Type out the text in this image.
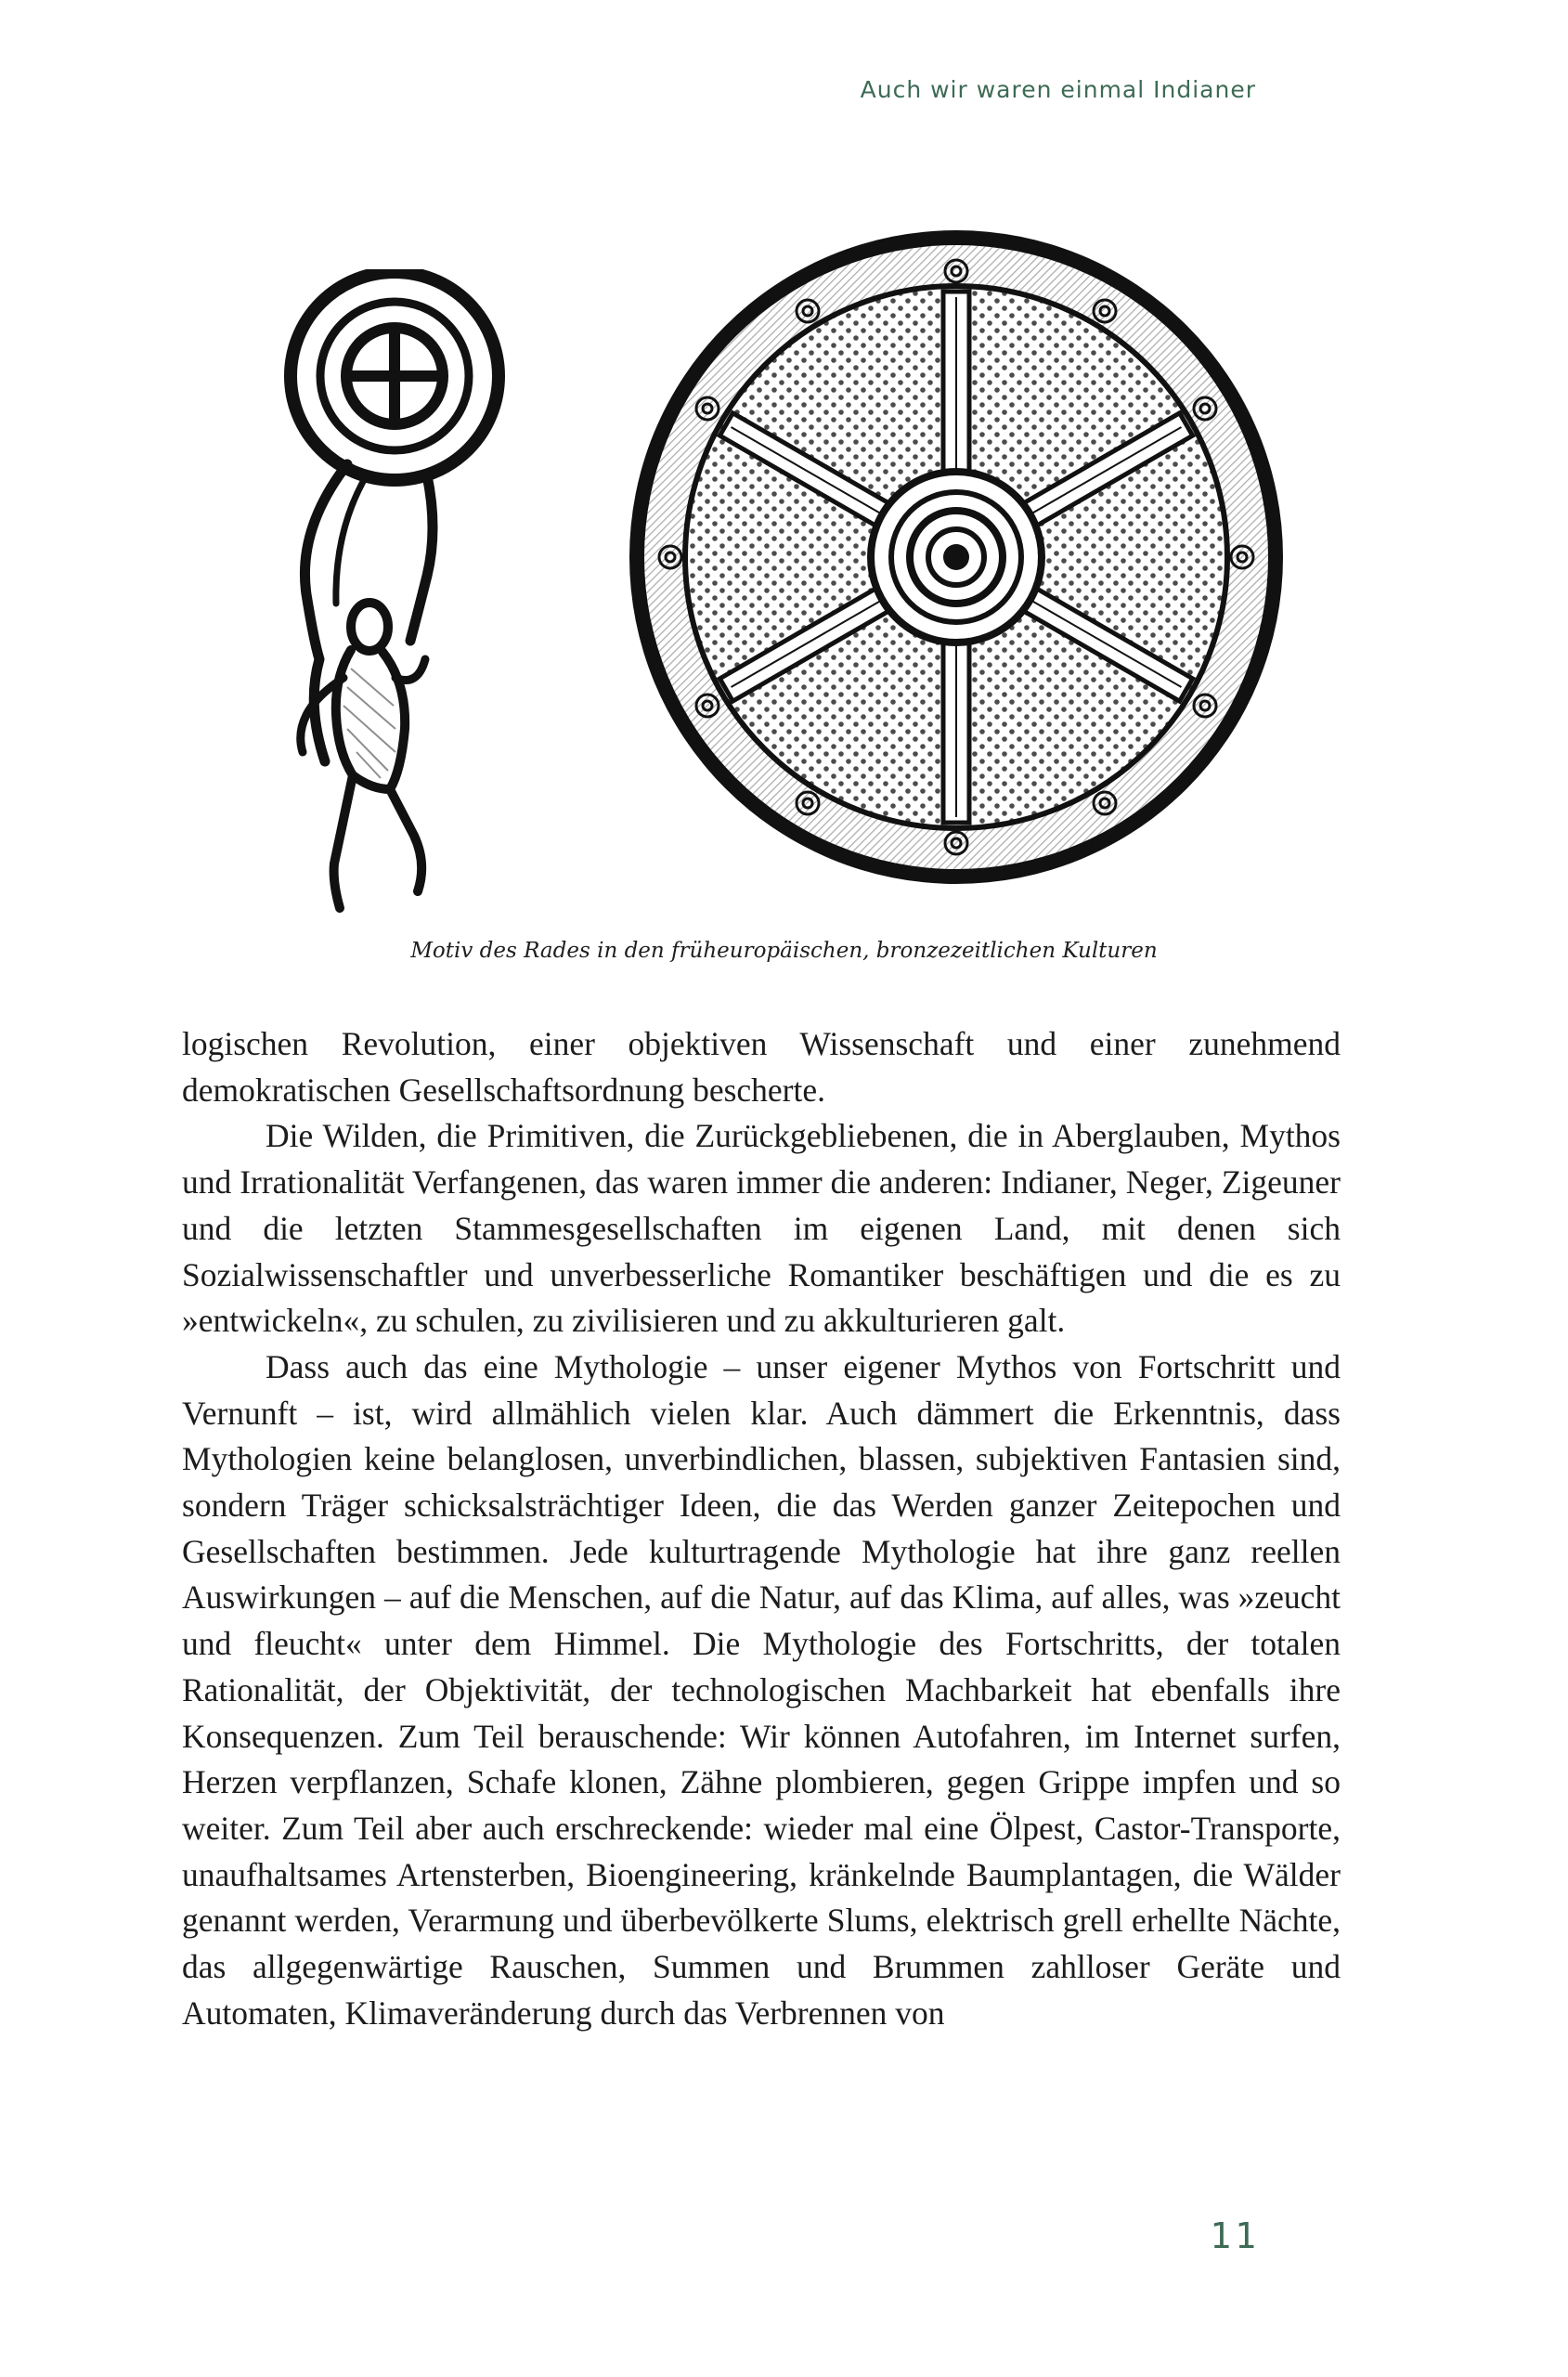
Auch wir waren einmal Indianer
Motiv des Rades in den frühеuropäischen, bronzezeitlichen Kulturen

logischen Revolution, einer objektiven Wissenschaft und einer zunehmend demokratischen Gesellschaftsordnung bescherte.

Die Wilden, die Primitiven, die Zurückgebliebenen, die in Aberglauben, Mythos und Irrationalität Verfangenen, das waren immer die anderen: Indianer, Neger, Zigeuner und die letzten Stammesgesellschaften im eigenen Land, mit denen sich Sozialwissenschaftler und unverbesserliche Romantiker beschäftigen und die es zu »entwickeln«, zu schulen, zu zivilisieren und zu akkulturieren galt.

Dass auch das eine Mythologie – unser eigener Mythos von Fortschritt und Vernunft – ist, wird allmählich vielen klar. Auch dämmert die Erkenntnis, dass Mythologien keine belanglosen, unverbindlichen, blassen, subjektiven Fantasien sind, sondern Träger schicksalsträchtiger Ideen, die das Werden ganzer Zeitepochen und Gesellschaften bestimmen. Jede kulturtragende Mythologie hat ihre ganz reellen Auswirkungen – auf die Menschen, auf die Natur, auf das Klima, auf alles, was »zeucht und fleucht« unter dem Himmel. Die Mythologie des Fortschritts, der totalen Rationalität, der Objektivität, der technologischen Machbarkeit hat ebenfalls ihre Konsequenzen. Zum Teil berauschende: Wir können Autofahren, im Internet surfen, Herzen verpflanzen, Schafe klonen, Zähne plombieren, gegen Grippe impfen und so weiter. Zum Teil aber auch erschreckende: wieder mal eine Ölpest, Castor-Transporte, unaufhaltsames Artensterben, Bioengineering, kränkelnde Baumplantagen, die Wälder genannt werden, Verarmung und überbevölkerte Slums, elektrisch grell erhellte Nächte, das allgegenwärtige Rauschen, Summen und Brummen zahlloser Geräte und Automaten, Klimaveränderung durch das Verbrennen von

11
